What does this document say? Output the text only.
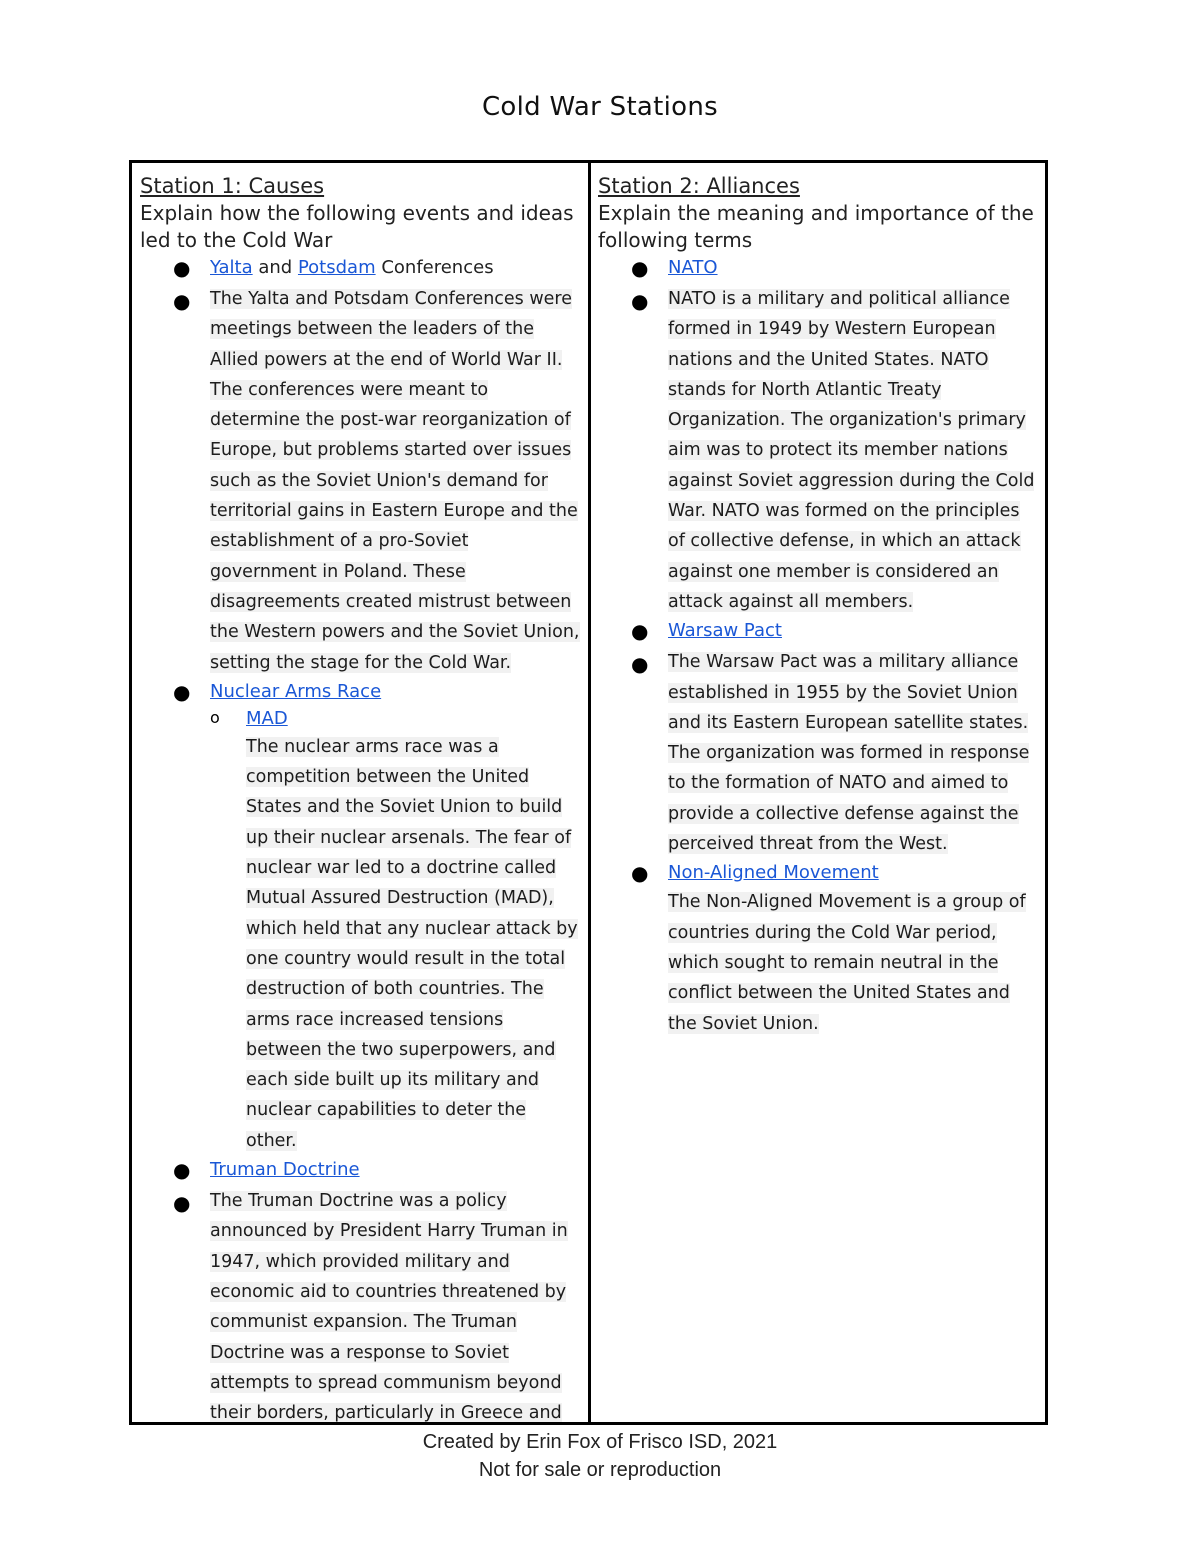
Cold War Stations
Station 1: Causes
Explain how the following events and ideas led to the Cold War
● Yalta and Potsdam Conferences
● The Yalta and Potsdam Conferences were meetings between the leaders of the Allied powers at the end of World War II. The conferences were meant to determine the post-war reorganization of Europe, but problems started over issues such as the Soviet Union's demand for territorial gains in Eastern Europe and the establishment of a pro-Soviet government in Poland. These disagreements created mistrust between the Western powers and the Soviet Union, setting the stage for the Cold War.
● Nuclear Arms Race
o MAD
The nuclear arms race was a competition between the United States and the Soviet Union to build up their nuclear arsenals. The fear of nuclear war led to a doctrine called Mutual Assured Destruction (MAD), which held that any nuclear attack by one country would result in the total destruction of both countries. The arms race increased tensions between the two superpowers, and each side built up its military and nuclear capabilities to deter the other.
● Truman Doctrine
● The Truman Doctrine was a policy announced by President Harry Truman in 1947, which provided military and economic aid to countries threatened by communist expansion. The Truman Doctrine was a response to Soviet attempts to spread communism beyond their borders, particularly in Greece and
Station 2: Alliances
Explain the meaning and importance of the following terms
● NATO
● NATO is a military and political alliance formed in 1949 by Western European nations and the United States. NATO stands for North Atlantic Treaty Organization. The organization's primary aim was to protect its member nations against Soviet aggression during the Cold War. NATO was formed on the principles of collective defense, in which an attack against one member is considered an attack against all members.
● Warsaw Pact
● The Warsaw Pact was a military alliance established in 1955 by the Soviet Union and its Eastern European satellite states. The organization was formed in response to the formation of NATO and aimed to provide a collective defense against the perceived threat from the West.
● Non-Aligned Movement
The Non-Aligned Movement is a group of countries during the Cold War period, which sought to remain neutral in the conflict between the United States and the Soviet Union.
Created by Erin Fox of Frisco ISD, 2021
Not for sale or reproduction
